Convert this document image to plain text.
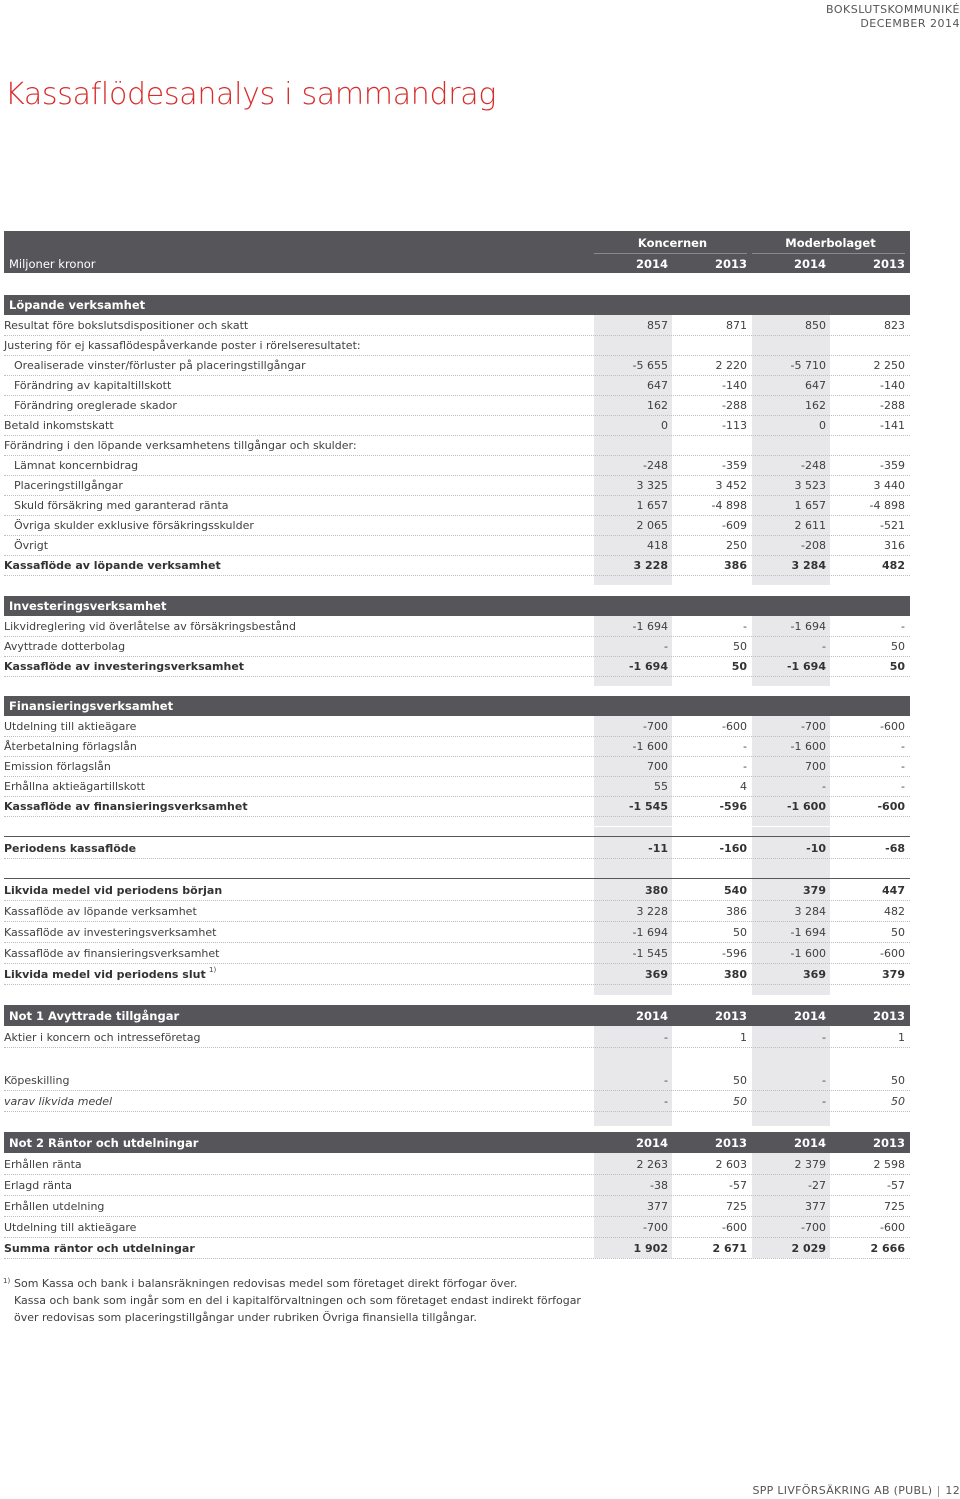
BOKSLUTSKOMMUNIKÉ
DECEMBER 2014
Kassaflödesanalys i sammandrag
Koncernen	Moderbolaget
Miljoner kronor	2014	2013	2014	2013
Löpande verksamhet
Resultat före bokslutsdispositioner och skatt	857	871	850	823
Justering för ej kassaflödespåverkande poster i rörelseresultatet:
Orealiserade vinster/förluster på placeringstillgångar	-5 655	2 220	-5 710	2 250
Förändring av kapitaltillskott	647	-140	647	-140
Förändring oreglerade skador	162	-288	162	-288
Betald inkomstskatt	0	-113	0	-141
Förändring i den löpande verksamhetens tillgångar och skulder:
Lämnat koncernbidrag	-248	-359	-248	-359
Placeringstillgångar	3 325	3 452	3 523	3 440
Skuld försäkring med garanterad ränta	1 657	-4 898	1 657	-4 898
Övriga skulder exklusive försäkringsskulder	2 065	-609	2 611	-521
Övrigt	418	250	-208	316
Kassaflöde av löpande verksamhet	3 228	386	3 284	482
Investeringsverksamhet
Likvidreglering vid överlåtelse av försäkringsbestånd	-1 694	-	-1 694	-
Avyttrade dotterbolag	-	50	-	50
Kassaflöde av investeringsverksamhet	-1 694	50	-1 694	50
Finansieringsverksamhet
Utdelning till aktieägare	-700	-600	-700	-600
Återbetalning förlagslån	-1 600	-	-1 600	-
Emission förlagslån	700	-	700	-
Erhållna aktieägartillskott	55	4	-	-
Kassaflöde av finansieringsverksamhet	-1 545	-596	-1 600	-600
Periodens kassaflöde	-11	-160	-10	-68
Likvida medel vid periodens början	380	540	379	447
Kassaflöde av löpande verksamhet	3 228	386	3 284	482
Kassaflöde av investeringsverksamhet	-1 694	50	-1 694	50
Kassaflöde av finansieringsverksamhet	-1 545	-596	-1 600	-600
Likvida medel vid periodens slut 1)	369	380	369	379
Not 1 Avyttrade tillgångar	2014	2013	2014	2013
Aktier i koncern och intresseföretag	-	1	-	1
Köpeskilling	-	50	-	50
varav likvida medel	-	50	-	50
Not 2 Räntor och utdelningar	2014	2013	2014	2013
Erhållen ränta	2 263	2 603	2 379	2 598
Erlagd ränta	-38	-57	-27	-57
Erhållen utdelning	377	725	377	725
Utdelning till aktieägare	-700	-600	-700	-600
Summa räntor och utdelningar	1 902	2 671	2 029	2 666
1) Som Kassa och bank i balansräkningen redovisas medel som företaget direkt förfogar över.
Kassa och bank som ingår som en del i kapitalförvaltningen och som företaget endast indirekt förfogar
över redovisas som placeringstillgångar under rubriken Övriga finansiella tillgångar.
SPP LIVFÖRSÄKRING AB (PUBL) 12
